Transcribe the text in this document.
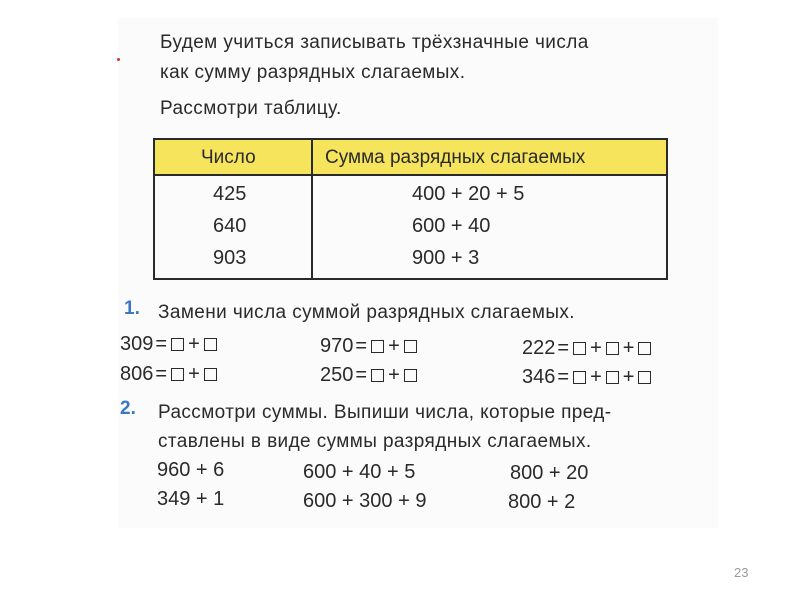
Будем учиться записывать трёхзначные числа
как сумму разрядных слагаемых.
Рассмотри таблицу.
Число	Сумма разрядных слагаемых
425	400 + 20 + 5
640	600 + 40
903	900 + 3
1. Замени числа суммой разрядных слагаемых.
309 = +	970 = +	222 = + +
806 = +	250 = +	346 = + +
2. Рассмотри суммы. Выпиши числа, которые пред-
ставлены в виде суммы разрядных слагаемых.
960 + 6	600 + 40 + 5	800 + 20
349 + 1	600 + 300 + 9	800 + 2
23
